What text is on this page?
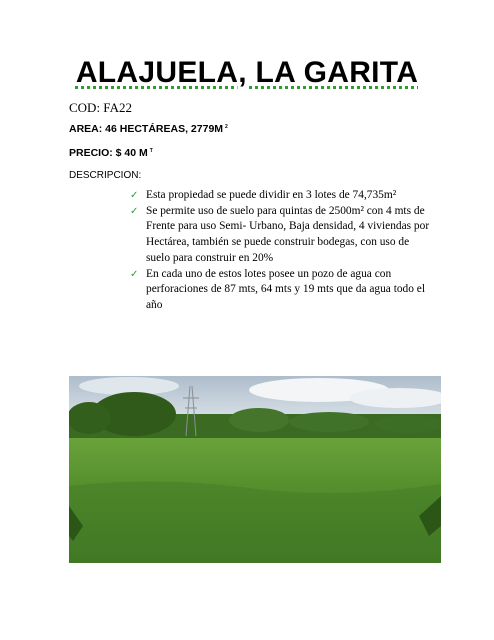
ALAJUELA, LA GARITA
COD: FA22
AREA: 46 HECTÁREAS, 2779M $^2$
PRECIO: $ 40 M $^T$
DESCRIPCION:
✓ Esta propiedad se puede dividir en 3 lotes de 74,735m²
✓ Se permite uso de suelo para quintas de 2500m² con 4 mts de Frente para uso Semi- Urbano, Baja densidad, 4 viviendas por Hectárea, también se puede construir bodegas, con uso de suelo para construir en 20%
✓ En cada uno de estos lotes posee un pozo de agua con perforaciones de 87 mts, 64 mts y 19 mts que da agua todo el año
